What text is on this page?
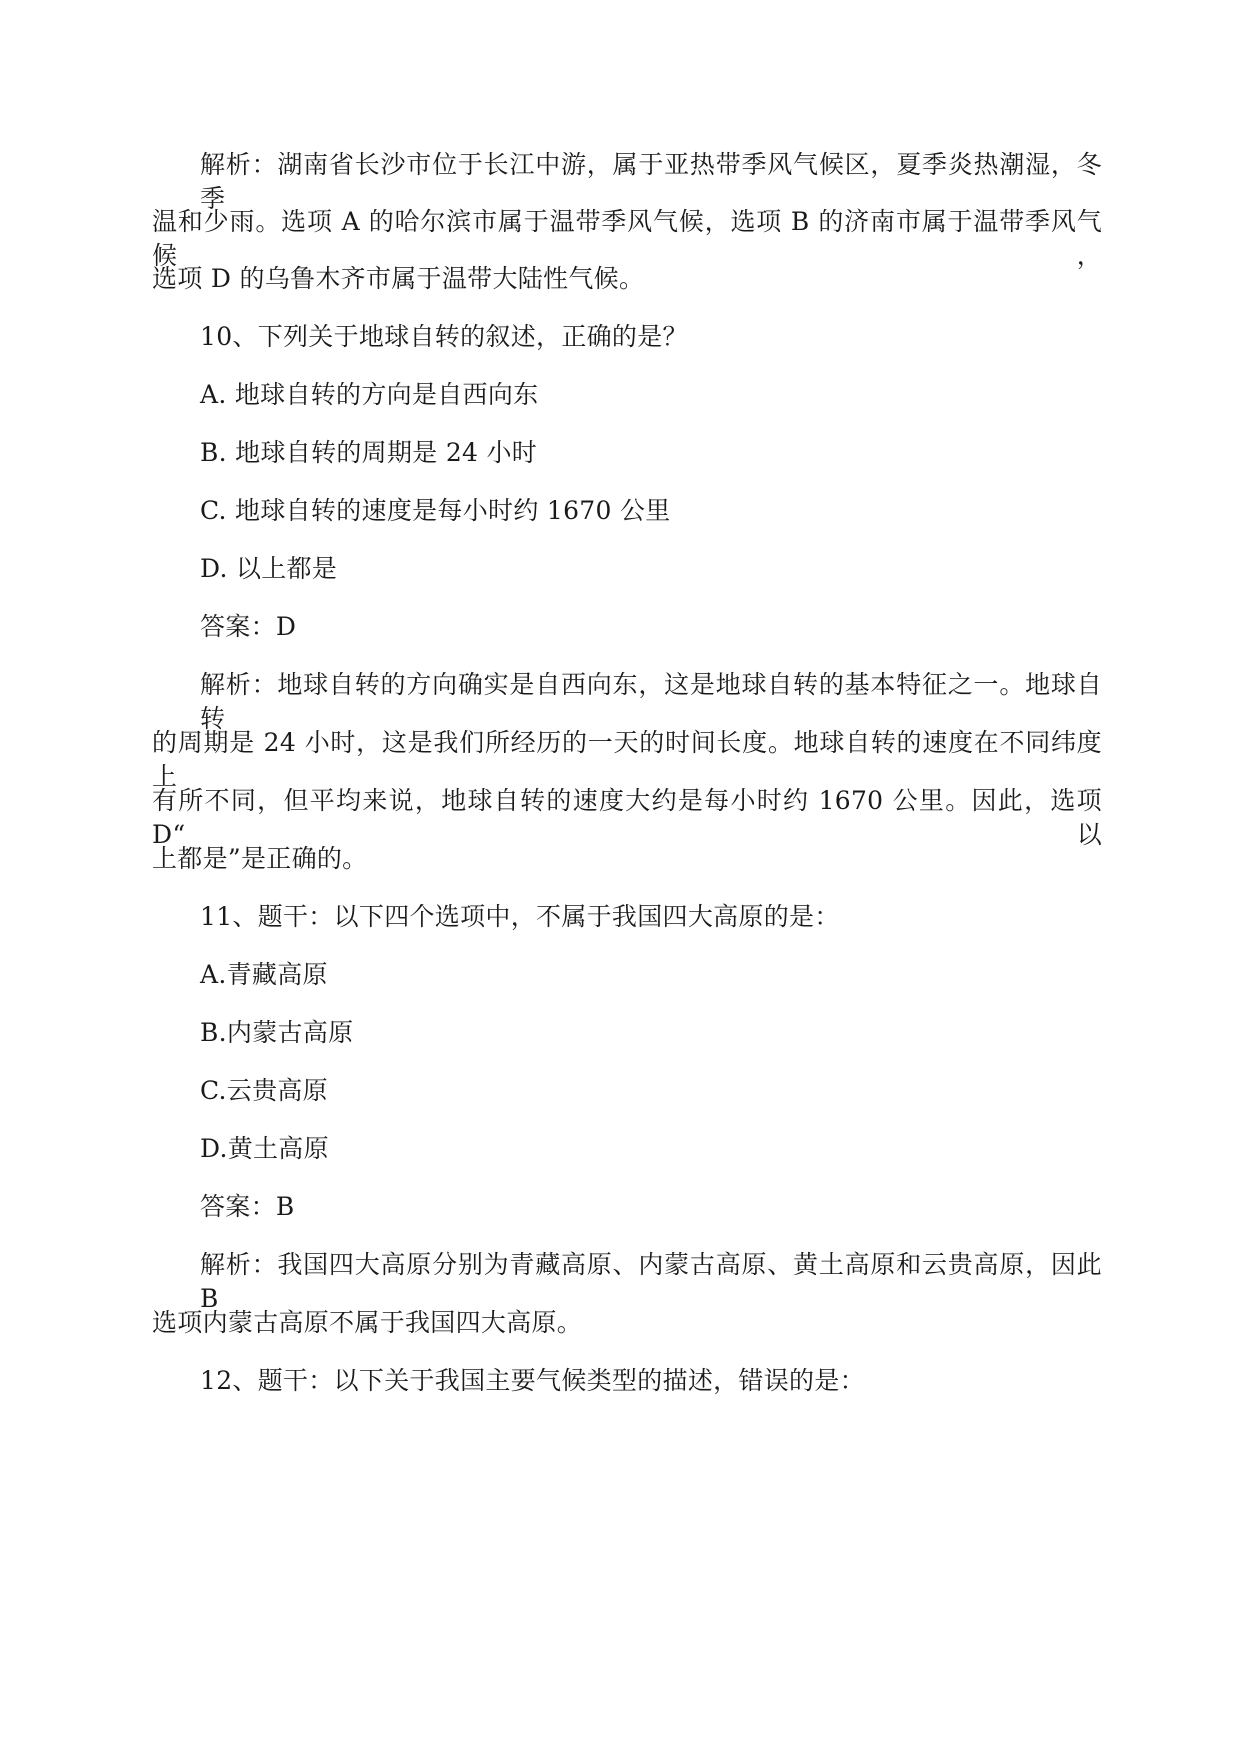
解析：湖南省长沙市位于长江中游，属于亚热带季风气候区，夏季炎热潮湿，冬季
温和少雨。选项 A 的哈尔滨市属于温带季风气候，选项 B 的济南市属于温带季风气候，
选项 D 的乌鲁木齐市属于温带大陆性气候。
10、下列关于地球自转的叙述，正确的是？
A. 地球自转的方向是自西向东
B. 地球自转的周期是 24 小时
C. 地球自转的速度是每小时约 1670 公里
D. 以上都是
答案：D
解析：地球自转的方向确实是自西向东，这是地球自转的基本特征之一。地球自转
的周期是 24 小时，这是我们所经历的一天的时间长度。地球自转的速度在不同纬度上
有所不同，但平均来说，地球自转的速度大约是每小时约 1670 公里。因此，选项 D“以
上都是”是正确的。
11、题干：以下四个选项中，不属于我国四大高原的是：
A.青藏高原
B.内蒙古高原
C.云贵高原
D.黄土高原
答案：B
解析：我国四大高原分别为青藏高原、内蒙古高原、黄土高原和云贵高原，因此 B
选项内蒙古高原不属于我国四大高原。
12、题干：以下关于我国主要气候类型的描述，错误的是：
